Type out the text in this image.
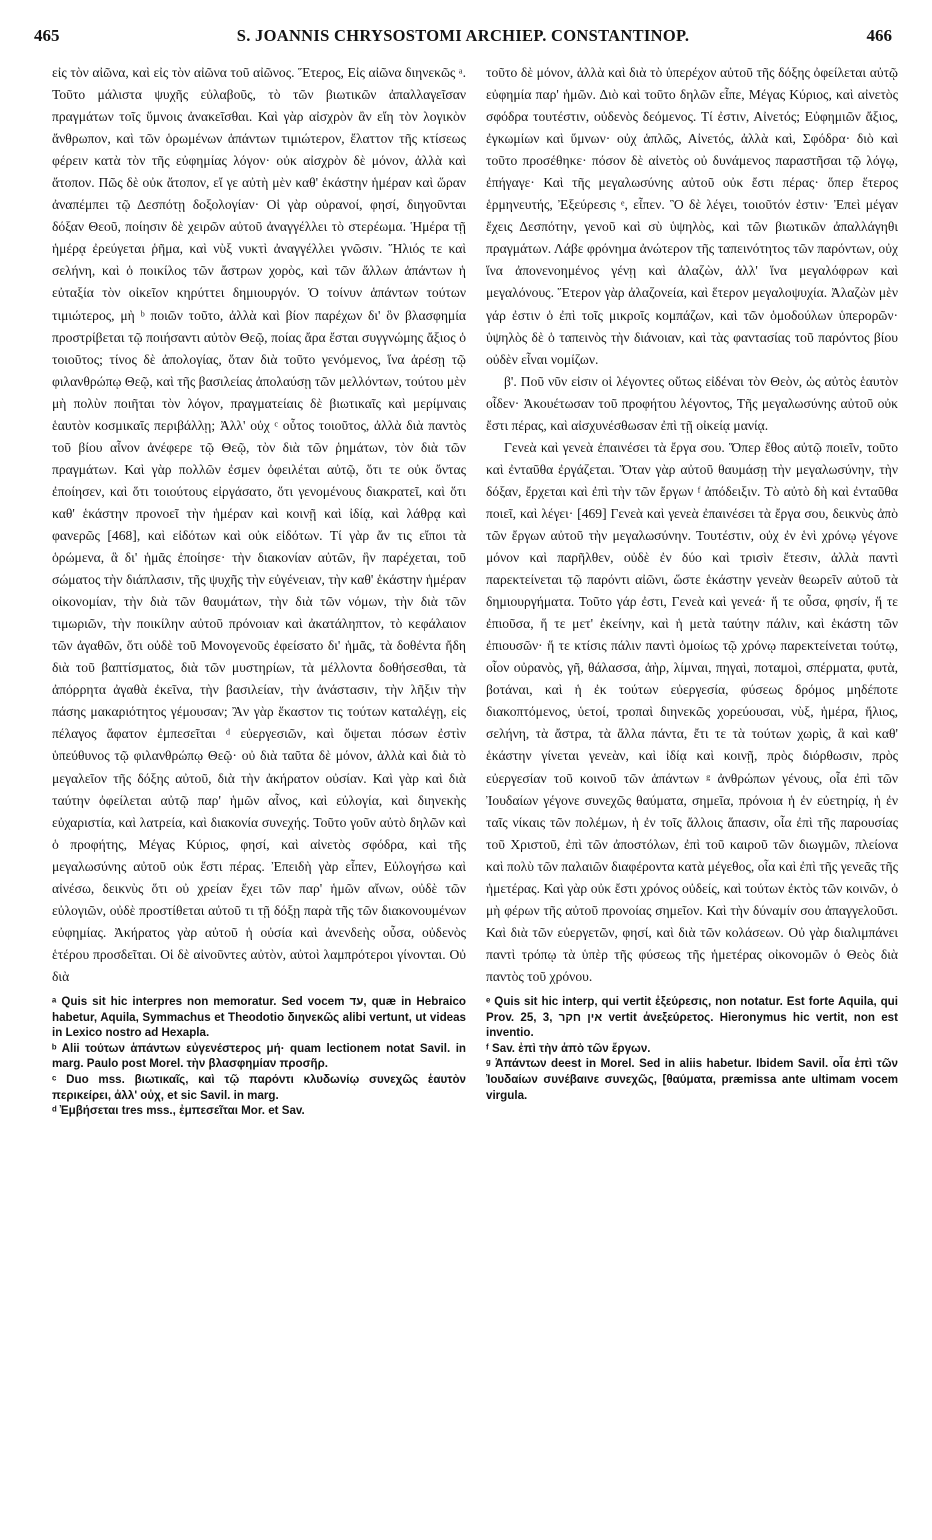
465	S. JOANNIS CHRYSOSTOMI ARCHIEP. CONSTANTINOP.	466

εἰς τὸν αἰῶνα, καὶ εἰς τὸν αἰῶνα τοῦ αἰῶνος. Ἕτερος, Εἰς αἰῶνα διηνεκῶς ᵃ. Τοῦτο μάλιστα ψυχῆς εὐλαβοῦς, τὸ τῶν βιωτικῶν ἀπαλλαγεῖσαν πραγμάτων τοῖς ὕμνοις ἀνακεῖσθαι. Καὶ γὰρ αἰσχρὸν ἂν εἴη τὸν λογικὸν ἄνθρωπον, καὶ τῶν ὁρωμένων ἁπάντων τιμιώτερον, ἔλαττον τῆς κτίσεως φέρειν κατὰ τὸν τῆς εὐφημίας λόγον· οὐκ αἰσχρὸν δὲ μόνον, ἀλλὰ καὶ ἄτοπον. Πῶς δὲ οὐκ ἄτοπον, εἴ γε αὐτὴ μὲν καθ' ἑκάστην ἡμέραν καὶ ὥραν ἀναπέμπει τῷ Δεσπότῃ δοξολογίαν· Οἱ γὰρ οὐρανοί, φησί, διηγοῦνται δόξαν Θεοῦ, ποίησιν δὲ χειρῶν αὐτοῦ ἀναγγέλλει τὸ στερέωμα. Ἡμέρα τῇ ἡμέρᾳ ἐρεύγεται ῥῆμα, καὶ νὺξ νυκτὶ ἀναγγέλλει γνῶσιν. Ἥλιός τε καὶ σελήνη, καὶ ὁ ποικίλος τῶν ἄστρων χορὸς, καὶ τῶν ἄλλων ἁπάντων ἡ εὐταξία τὸν οἰκεῖον κηρύττει δημιουργόν. Ὁ τοίνυν ἁπάντων τούτων τιμιώτερος, μὴ ᵇ ποιῶν τοῦτο, ἀλλὰ καὶ βίον παρέχων δι' ὃν βλασφημία προστρίβεται τῷ ποιήσαντι αὐτὸν Θεῷ, ποίας ἄρα ἔσται συγγνώμης ἄξιος ὁ τοιοῦτος; τίνος δὲ ἀπολογίας, ὅταν διὰ τοῦτο γενόμενος, ἵνα ἀρέσῃ τῷ φιλανθρώπῳ Θεῷ, καὶ τῆς βασιλείας ἀπολαύσῃ τῶν μελλόντων, τούτου μὲν μὴ πολὺν ποιῆται τὸν λόγον, πραγματείαις δὲ βιωτικαῖς καὶ μερίμναις ἑαυτὸν κοσμικαῖς περιβάλλῃ; Ἀλλ' οὐχ ᶜ οὗτος τοιοῦτος, ἀλλὰ διὰ παντὸς τοῦ βίου αἶνον ἀνέφερε τῷ Θεῷ, τὸν διὰ τῶν ῥημάτων, τὸν διὰ τῶν πραγμάτων. Καὶ γὰρ πολλῶν ἐσμεν ὀφειλέται αὐτῷ, ὅτι τε οὐκ ὄντας ἐποίησεν, καὶ ὅτι τοιούτους εἰργάσατο, ὅτι γενομένους διακρατεῖ, καὶ ὅτι καθ' ἑκάστην προνοεῖ τὴν ἡμέραν καὶ κοινῇ καὶ ἰδίᾳ, καὶ λάθρᾳ καὶ φανερῶς [468], καὶ εἰδότων καὶ οὐκ εἰδότων. Τί γὰρ ἄν τις εἴποι τὰ ὁρώμενα, ἃ δι' ἡμᾶς ἐποίησε· τὴν διακονίαν αὐτῶν, ἣν παρέχεται, τοῦ σώματος τὴν διάπλασιν, τῆς ψυχῆς τὴν εὐγένειαν, τὴν καθ' ἑκάστην ἡμέραν οἰκονομίαν, τὴν διὰ τῶν θαυμάτων, τὴν διὰ τῶν νόμων, τὴν διὰ τῶν τιμωριῶν, τὴν ποικίλην αὐτοῦ πρόνοιαν καὶ ἀκατάληπτον, τὸ κεφάλαιον τῶν ἀγαθῶν, ὅτι οὐδὲ τοῦ Μονογενοῦς ἐφείσατο δι' ἡμᾶς, τὰ δοθέντα ἤδη διὰ τοῦ βαπτίσματος, διὰ τῶν μυστηρίων, τὰ μέλλοντα δοθήσεσθαι, τὰ ἀπόρρητα ἀγαθὰ ἐκεῖνα, τὴν βασιλείαν, τὴν ἀνάστασιν, τὴν λῆξιν τὴν πάσης μακαριότητος γέμουσαν; Ἂν γὰρ ἕκαστον τις τούτων καταλέγῃ, εἰς πέλαγος ἄφατον ἐμπεσεῖται ᵈ εὐεργεσιῶν, καὶ ὄψεται πόσων ἐστὶν ὑπεύθυνος τῷ φιλανθρώπῳ Θεῷ· οὐ διὰ ταῦτα δὲ μόνον, ἀλλὰ καὶ διὰ τὸ μεγαλεῖον τῆς δόξης αὐτοῦ, διὰ τὴν ἀκήρατον οὐσίαν. Καὶ γὰρ καὶ διὰ ταύτην ὀφείλεται αὐτῷ παρ' ἡμῶν αἶνος, καὶ εὐλογία, καὶ διηνεκὴς εὐχαριστία, καὶ λατρεία, καὶ διακονία συνεχής. Τοῦτο γοῦν αὐτὸ δηλῶν καὶ ὁ προφήτης, Μέγας Κύριος, φησί, καὶ αἰνετὸς σφόδρα, καὶ τῆς μεγαλωσύνης αὐτοῦ οὐκ ἔστι πέρας. Ἐπειδὴ γὰρ εἶπεν, Εὐλογήσω καὶ αἰνέσω, δεικνὺς ὅτι οὐ χρείαν ἔχει τῶν παρ' ἡμῶν αἴνων, οὐδὲ τῶν εὐλογιῶν, οὐδὲ προστίθεται αὐτοῦ τι τῇ δόξῃ παρὰ τῆς τῶν διακονουμένων εὐφημίας. Ἀκήρατος γὰρ αὐτοῦ ἡ οὐσία καὶ ἀνενδεὴς οὖσα, οὐδενὸς ἑτέρου προσδεῖται. Οἱ δὲ αἰνοῦντες αὐτὸν, αὐτοὶ λαμπρότεροι γίνονται. Οὐ διὰ

ᵃ Quis sit hic interpres non memoratur. Sed vocem עד, quæ in Hebraico habetur, Aquila, Symmachus et Theodotio διηνεκῶς alibi vertunt, ut videas in Lexico nostro ad Hexapla.
ᵇ Alii τούτων ἁπάντων εὐγενέστερος μή· quam lectionem notat Savil. in marg. Paulo post Morel. τὴν βλασφημίαν προσῆρ.
ᶜ Duo mss. βιωτικαῖς, καὶ τῷ παρόντι κλυδωνίῳ συνεχῶς ἑαυτὸν περικείρει, ἀλλ' οὐχ, et sic Savil. in marg.
ᵈ Ἐμβήσεται tres mss., ἐμπεσεῖται Mor. et Sav.

τοῦτο δὲ μόνον, ἀλλὰ καὶ διὰ τὸ ὑπερέχον αὐτοῦ τῆς δόξης ὀφείλεται αὐτῷ εὐφημία παρ' ἡμῶν. Διὸ καὶ τοῦτο δηλῶν εἶπε, Μέγας Κύριος, καὶ αἰνετὸς σφόδρα τουτέστιν, οὐδενὸς δεόμενος. Τί ἐστιν, Αἰνετός; Εὐφημιῶν ἄξιος, ἐγκωμίων καὶ ὕμνων· οὐχ ἁπλῶς, Αἰνετός, ἀλλὰ καὶ, Σφόδρα· διὸ καὶ τοῦτο προσέθηκε· πόσον δὲ αἰνετὸς οὐ δυνάμενος παραστῆσαι τῷ λόγῳ, ἐπήγαγε· Καὶ τῆς μεγαλωσύνης αὐτοῦ οὐκ ἔστι πέρας· ὅπερ ἕτερος ἑρμηνευτής, Ἐξεύρεσις ᵉ, εἶπεν. Ὃ δὲ λέγει, τοιοῦτόν ἐστιν· Ἐπεὶ μέγαν ἔχεις Δεσπότην, γενοῦ καὶ σὺ ὑψηλὸς, καὶ τῶν βιωτικῶν ἀπαλλάγηθι πραγμάτων. Λάβε φρόνημα ἀνώτερον τῆς ταπεινότητος τῶν παρόντων, οὐχ ἵνα ἀπονενοημένος γένῃ καὶ ἀλαζὼν, ἀλλ' ἵνα μεγαλόφρων καὶ μεγαλόνους. Ἕτερον γὰρ ἀλαζονεία, καὶ ἕτερον μεγαλοψυχία. Ἀλαζὼν μὲν γάρ ἐστιν ὁ ἐπὶ τοῖς μικροῖς κομπάζων, καὶ τῶν ὁμοδούλων ὑπερορῶν· ὑψηλὸς δὲ ὁ ταπεινὸς τὴν διάνοιαν, καὶ τὰς φαντασίας τοῦ παρόντος βίου οὐδὲν εἶναι νομίζων.

β'. Ποῦ νῦν εἰσιν οἱ λέγοντες οὕτως εἰδέναι τὸν Θεὸν, ὡς αὐτὸς ἑαυτὸν οἶδεν· Ἀκουέτωσαν τοῦ προφήτου λέγοντος, Τῆς μεγαλωσύνης αὐτοῦ οὐκ ἔστι πέρας, καὶ αἰσχυνέσθωσαν ἐπὶ τῇ οἰκείᾳ μανίᾳ.

Γενεὰ καὶ γενεὰ ἐπαινέσει τὰ ἔργα σου. Ὅπερ ἔθος αὐτῷ ποιεῖν, τοῦτο καὶ ἐνταῦθα ἐργάζεται. Ὅταν γὰρ αὐτοῦ θαυμάσῃ τὴν μεγαλωσύνην, τὴν δόξαν, ἔρχεται καὶ ἐπὶ τὴν τῶν ἔργων ᶠ ἀπόδειξιν. Τὸ αὐτὸ δὴ καὶ ἐνταῦθα ποιεῖ, καὶ λέγει· [469] Γενεὰ καὶ γενεὰ ἐπαινέσει τὰ ἔργα σου, δεικνὺς ἀπὸ τῶν ἔργων αὐτοῦ τὴν μεγαλωσύνην. Τουτέστιν, οὐχ ἐν ἑνὶ χρόνῳ γέγονε μόνον καὶ παρῆλθεν, οὐδὲ ἐν δύο καὶ τρισὶν ἔτεσιν, ἀλλὰ παντὶ παρεκτείνεται τῷ παρόντι αἰῶνι, ὥστε ἑκάστην γενεὰν θεωρεῖν αὐτοῦ τὰ δημιουργήματα. Τοῦτο γάρ ἐστι, Γενεὰ καὶ γενεά· ἥ τε οὖσα, φησίν, ἥ τε ἐπιοῦσα, ἥ τε μετ' ἐκείνην, καὶ ἡ μετὰ ταύτην πάλιν, καὶ ἑκάστη τῶν ἐπιουσῶν· ἥ τε κτίσις πάλιν παντὶ ὁμοίως τῷ χρόνῳ παρεκτείνεται τούτῳ, οἷον οὐρανὸς, γῆ, θάλασσα, ἀὴρ, λίμναι, πηγαὶ, ποταμοὶ, σπέρματα, φυτὰ, βοτάναι, καὶ ἡ ἐκ τούτων εὐεργεσία, φύσεως δρόμος μηδέποτε διακοπτόμενος, ὑετοί, τροπαὶ διηνεκῶς χορεύουσαι, νὺξ, ἡμέρα, ἥλιος, σελήνη, τὰ ἄστρα, τὰ ἄλλα πάντα, ἔτι τε τὰ τούτων χωρὶς, ἃ καὶ καθ' ἑκάστην γίνεται γενεὰν, καὶ ἰδίᾳ καὶ κοινῇ, πρὸς διόρθωσιν, πρὸς εὐεργεσίαν τοῦ κοινοῦ τῶν ἁπάντων ᵍ ἀνθρώπων γένους, οἷα ἐπὶ τῶν Ἰουδαίων γέγονε συνεχῶς θαύματα, σημεῖα, πρόνοια ἡ ἐν εὐετηρίᾳ, ἡ ἐν ταῖς νίκαις τῶν πολέμων, ἡ ἐν τοῖς ἄλλοις ἅπασιν, οἷα ἐπὶ τῆς παρουσίας τοῦ Χριστοῦ, ἐπὶ τῶν ἀποστόλων, ἐπὶ τοῦ καιροῦ τῶν διωγμῶν, πλείονα καὶ πολὺ τῶν παλαιῶν διαφέροντα κατὰ μέγεθος, οἷα καὶ ἐπὶ τῆς γενεᾶς τῆς ἡμετέρας. Καὶ γὰρ οὐκ ἔστι χρόνος οὐδείς, καὶ τούτων ἐκτὸς τῶν κοινῶν, ὁ μὴ φέρων τῆς αὐτοῦ προνοίας σημεῖον. Καὶ τὴν δύναμίν σου ἀπαγγελοῦσι. Καὶ διὰ τῶν εὐεργετῶν, φησί, καὶ διὰ τῶν κολάσεων. Οὐ γὰρ διαλιμπάνει παντὶ τρόπῳ τὰ ὑπὲρ τῆς φύσεως τῆς ἡμετέρας οἰκονομῶν ὁ Θεὸς διὰ παντὸς τοῦ χρόνου.

ᵉ Quis sit hic interp, qui vertit ἐξεύρεσις, non notatur. Est forte Aquila, qui Prov. 25, 3, אין חקר vertit ἀνεξεύρετος. Hieronymus hic vertit, non est inventio.
ᶠ Sav. ἐπὶ τὴν ἀπὸ τῶν ἔργων.
ᵍ Ἁπάντων deest in Morel. Sed in aliis habetur. Ibidem Savil. οἷα ἐπὶ τῶν Ἰουδαίων συνέβαινε συνεχῶς, [θαύματα, præmissa ante ultimam vocem virgula.
